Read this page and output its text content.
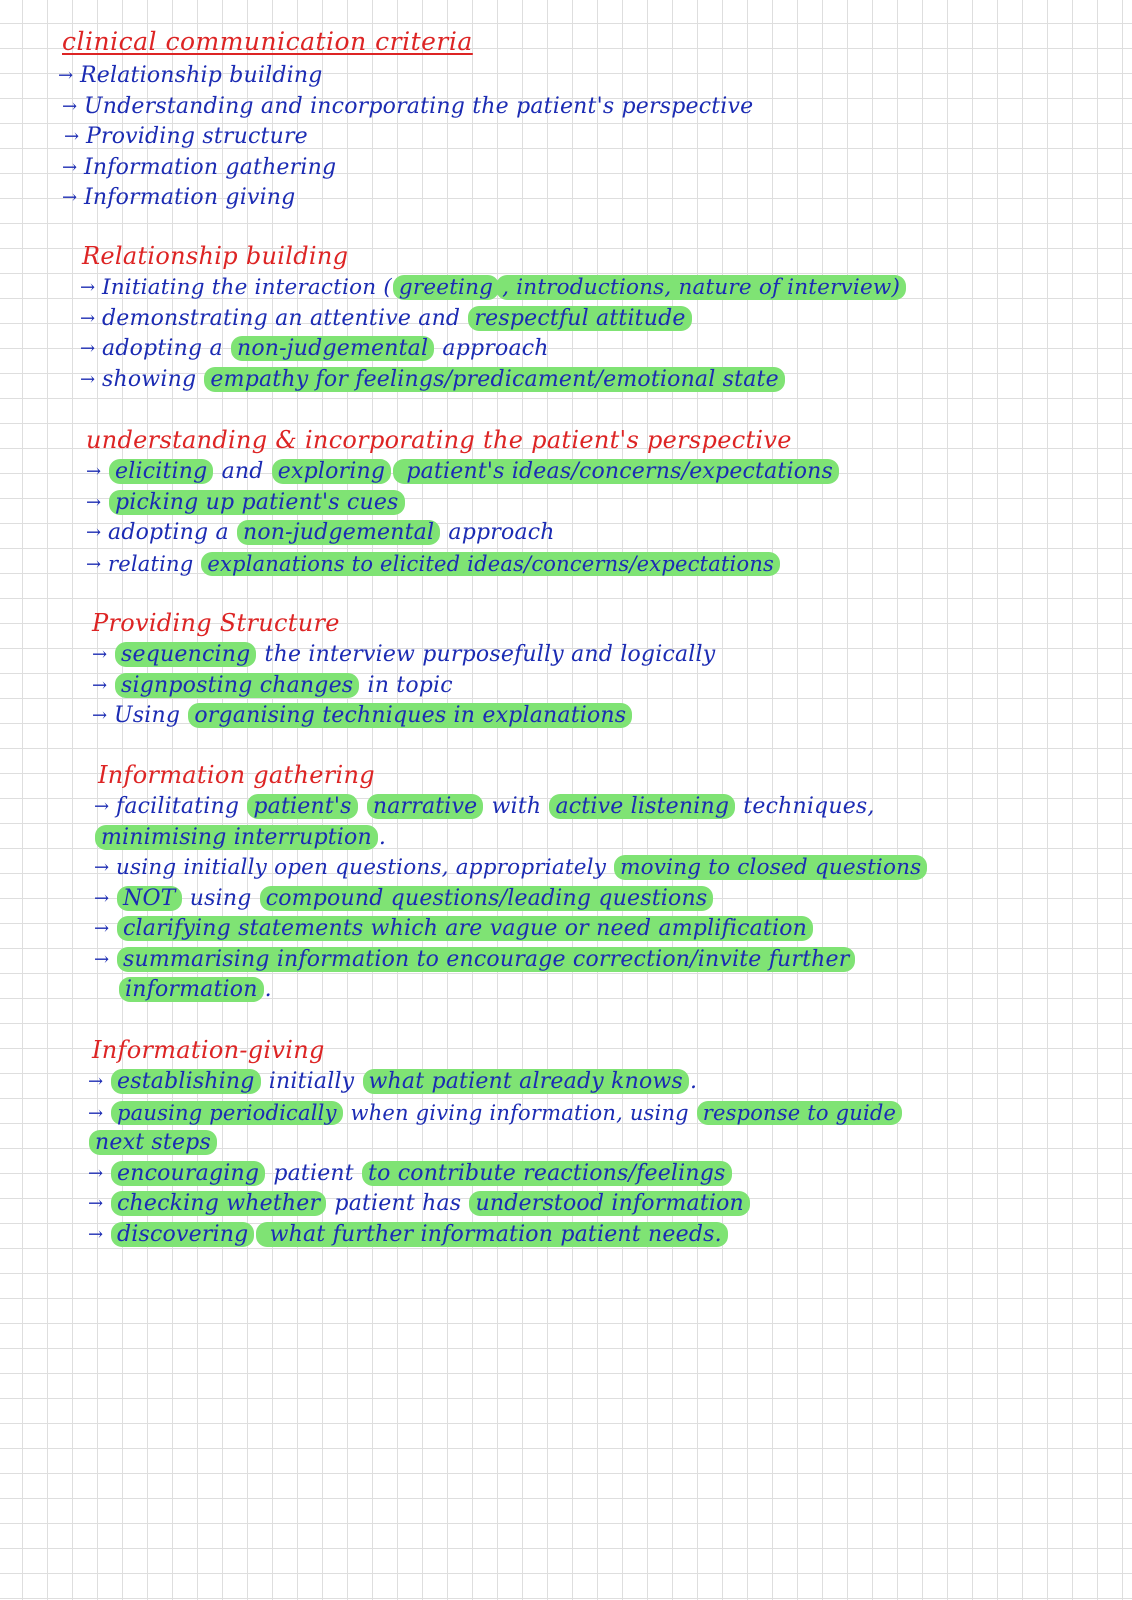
clinical communication criteria
→ Relationship building
→ Understanding and incorporating the patient's perspective
→ Providing structure
→ Information gathering
→ Information giving
Relationship building
→ Initiating the interaction ( greeting , introductions, nature of interview)
→ demonstrating an attentive and respectful attitude
→ adopting a non-judgemental approach
→ showing empathy for feelings/predicament/emotional state
understanding & incorporating the patient's perspective
→ eliciting and exploring patient's ideas/concerns/expectations
→ picking up patient's cues
→ adopting a non-judgemental approach
→ relating explanations to elicited ideas/concerns/expectations
Providing Structure
→ sequencing the interview purposefully and logically
→ signposting changes in topic
→ Using organising techniques in explanations
Information gathering
→ facilitating patient's narrative with active listening techniques,
minimising interruption .
→ using initially open questions, appropriately moving to closed questions
→ NOT using compound questions/leading questions
→ clarifying statements which are vague or need amplification
→ summarising information to encourage correction/invite further
information .
Information-giving
→ establishing initially what patient already knows .
→ pausing periodically when giving information, using response to guide
next steps
→ encouraging patient to contribute reactions/feelings
→ checking whether patient has understood information
→ discovering what further information patient needs.
